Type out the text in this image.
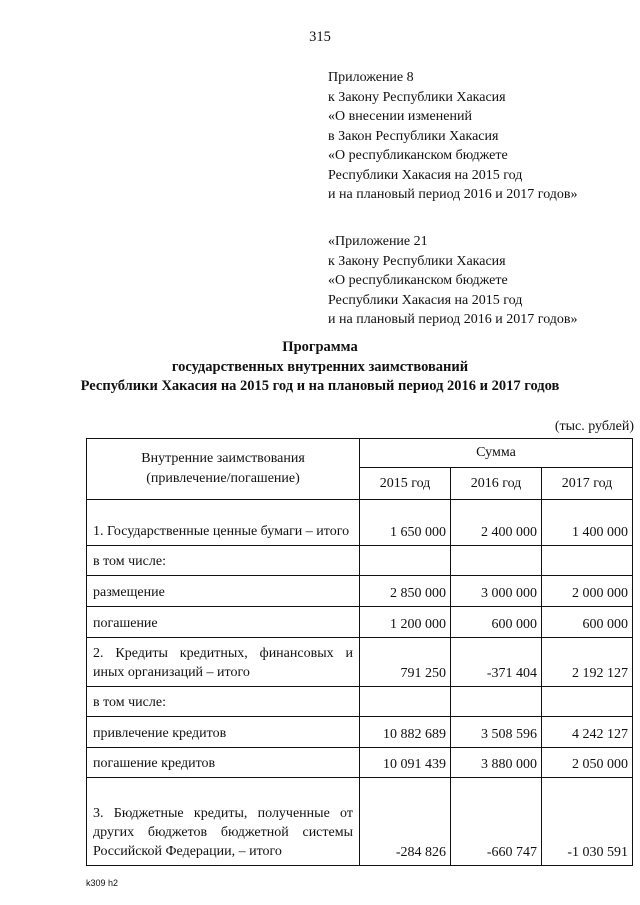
315
Приложение 8
к Закону Республики Хакасия
«О внесении изменений
в Закон Республики Хакасия
«О республиканском бюджете
Республики Хакасия на 2015 год
и на плановый период 2016 и 2017 годов»
«Приложение 21
к Закону Республики Хакасия
«О республиканском бюджете
Республики Хакасия на 2015 год
и на плановый период 2016 и 2017 годов»
Программа
государственных внутренних заимствований
Республики Хакасия на 2015 год и на плановый период 2016 и 2017 годов
(тыс. рублей)
Внутренние заимствования
(привлечение/погашение)	Сумма		
	2015 год	2016 год	2017 год
1. Государственные ценные бумаги – итого	1 650 000	2 400 000	1 400 000
в том числе:			
размещение	2 850 000	3 000 000	2 000 000
погашение	1 200 000	600 000	600 000
2. Кредиты кредитных, финансовых и иных организаций – итого	791 250	-371 404	2 192 127
в том числе:			
привлечение кредитов	10 882 689	3 508 596	4 242 127
погашение кредитов	10 091 439	3 880 000	2 050 000
3. Бюджетные кредиты, полученные от других бюджетов бюджетной системы Российской Федерации, – итого	-284 826	-660 747	-1 030 591
k309 h2
